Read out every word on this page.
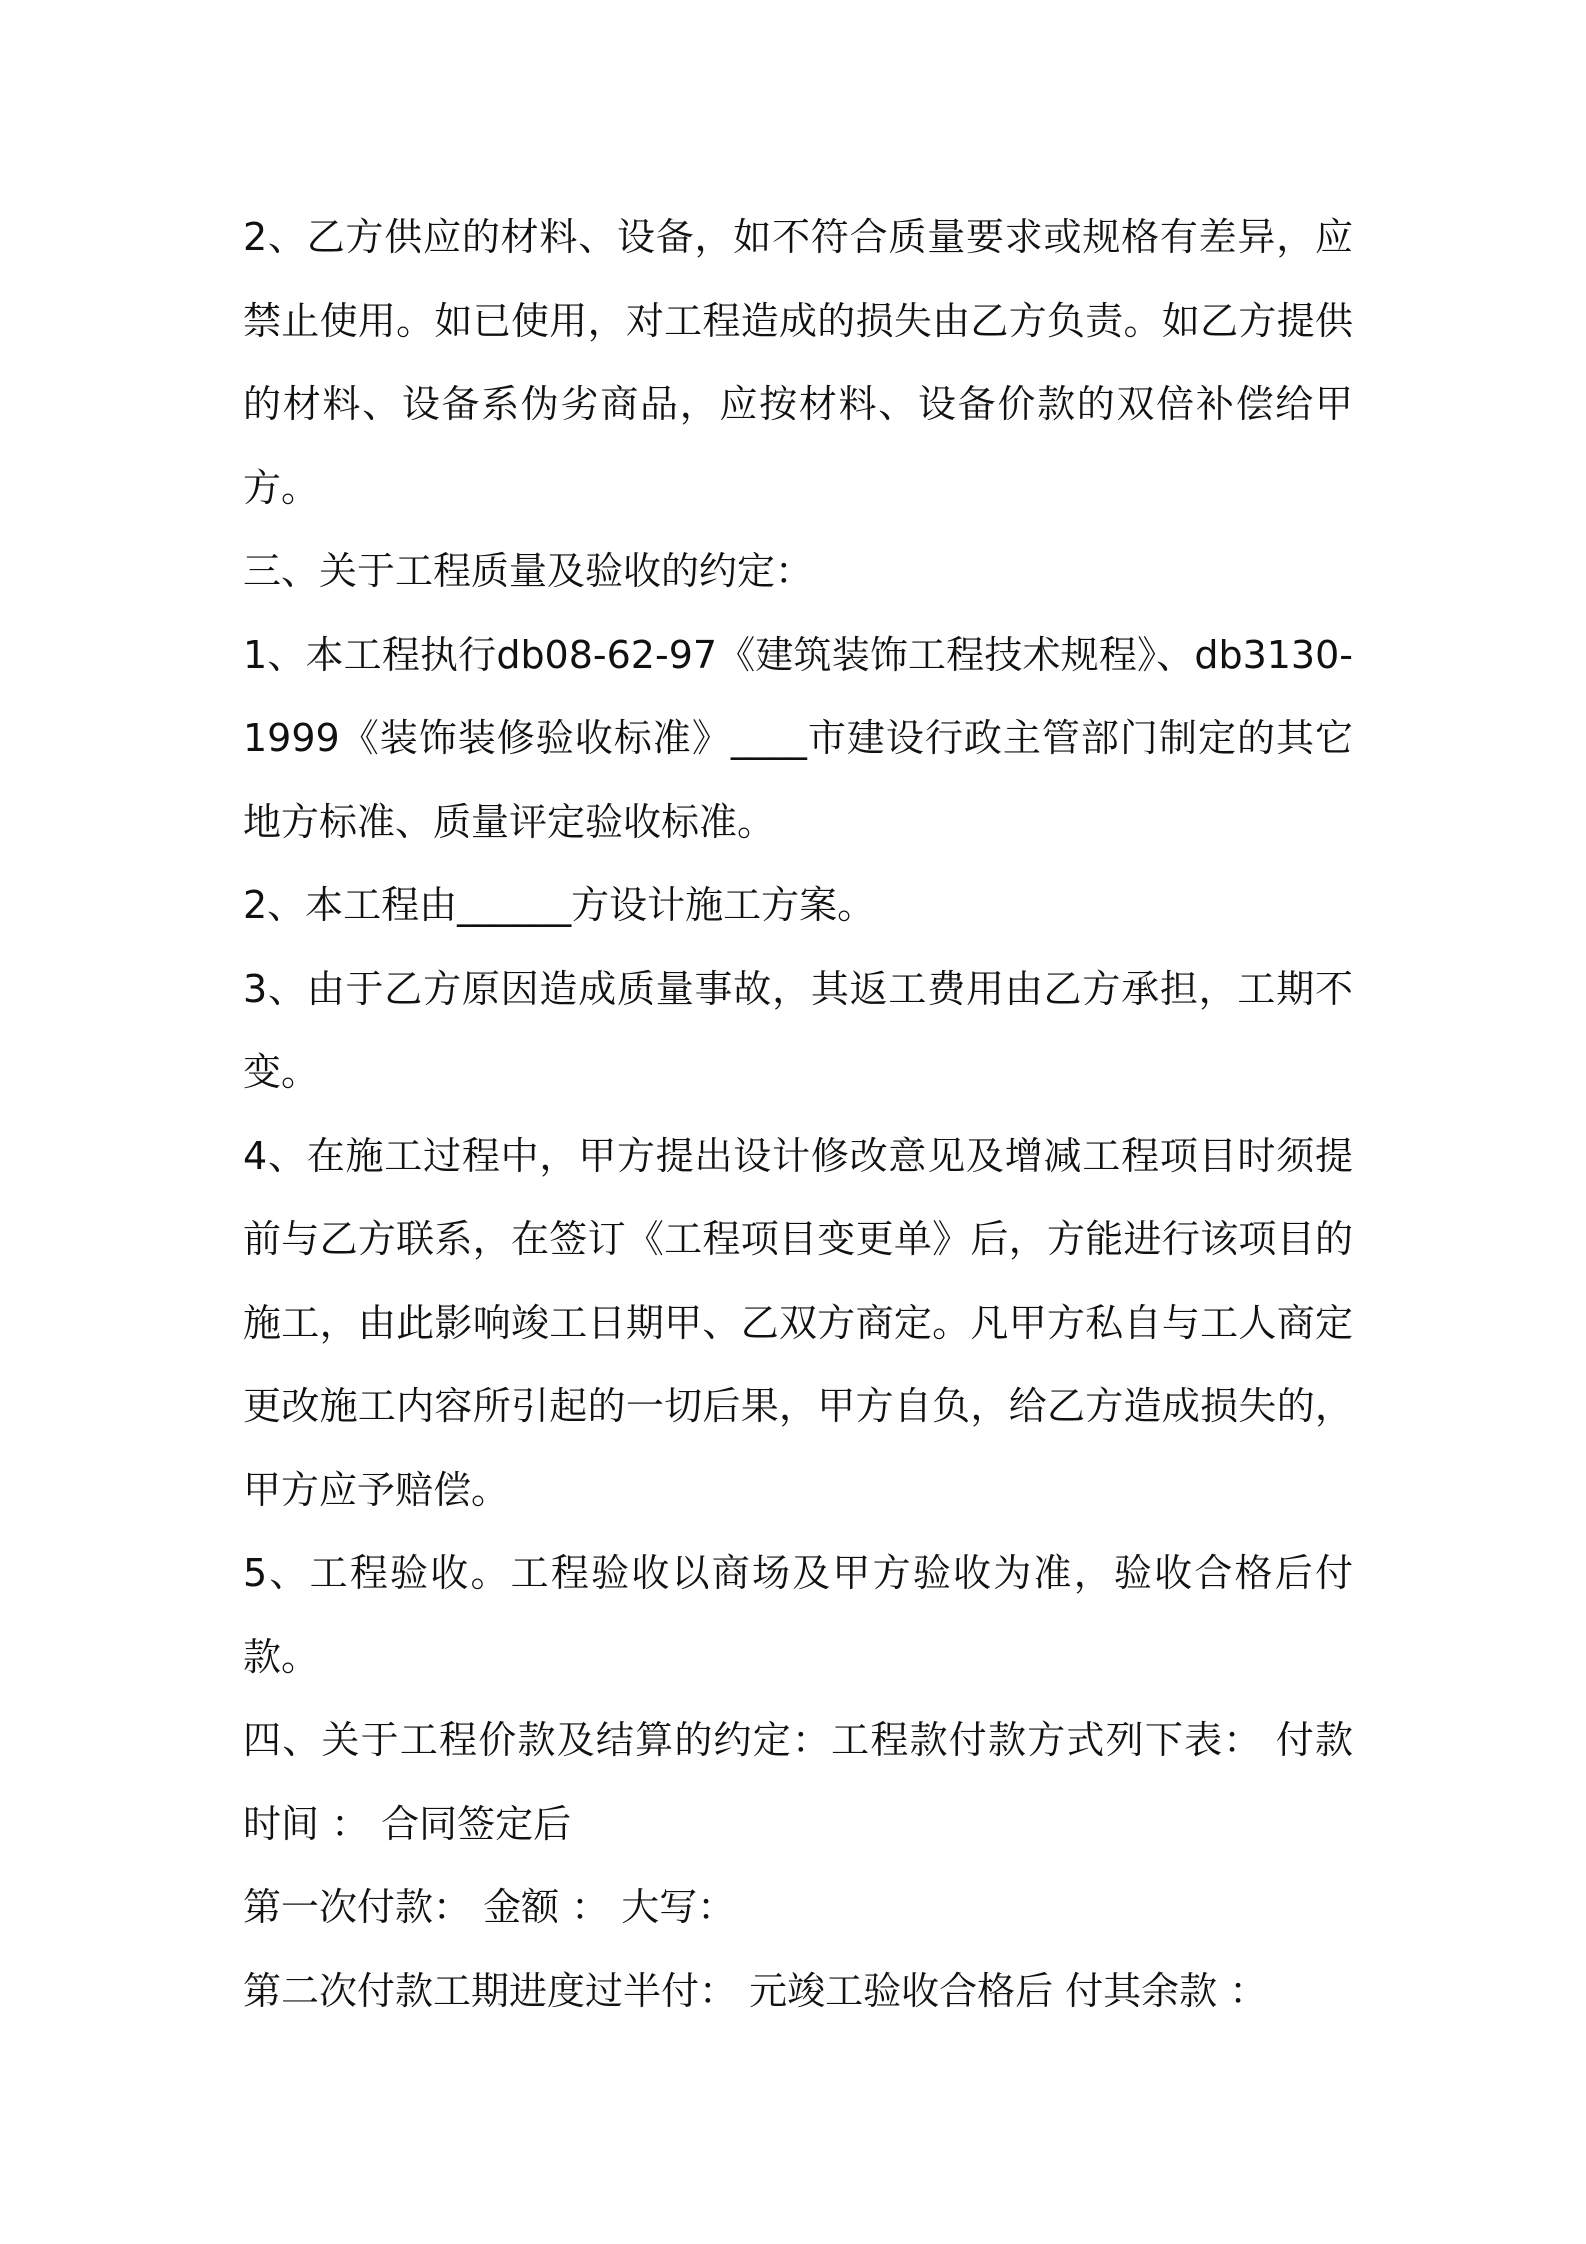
2、乙方供应的材料、设备，如不符合质量要求或规格有差异，应禁止使用。如已使用，对工程造成的损失由乙方负责。如乙方提供的材料、设备系伪劣商品，应按材料、设备价款的双倍补偿给甲方。

三、关于工程质量及验收的约定：

1、本工程执行db08-62-97《建筑装饰工程技术规程》、db3130-1999《装饰装修验收标准》____市建设行政主管部门制定的其它地方标准、质量评定验收标准。

2、本工程由______方设计施工方案。

3、由于乙方原因造成质量事故，其返工费用由乙方承担，工期不变。

4、在施工过程中，甲方提出设计修改意见及增减工程项目时须提前与乙方联系，在签订《工程项目变更单》后，方能进行该项目的施工，由此影响竣工日期甲、乙双方商定。凡甲方私自与工人商定更改施工内容所引起的一切后果，甲方自负，给乙方造成损失的，甲方应予赔偿。

5、工程验收。工程验收以商场及甲方验收为准，验收合格后付款。

四、关于工程价款及结算的约定：工程款付款方式列下表： 付款时间 ： 合同签定后

第一次付款： 金额 ： 大写：

第二次付款工期进度过半付： 元竣工验收合格后 付其余款 ：
